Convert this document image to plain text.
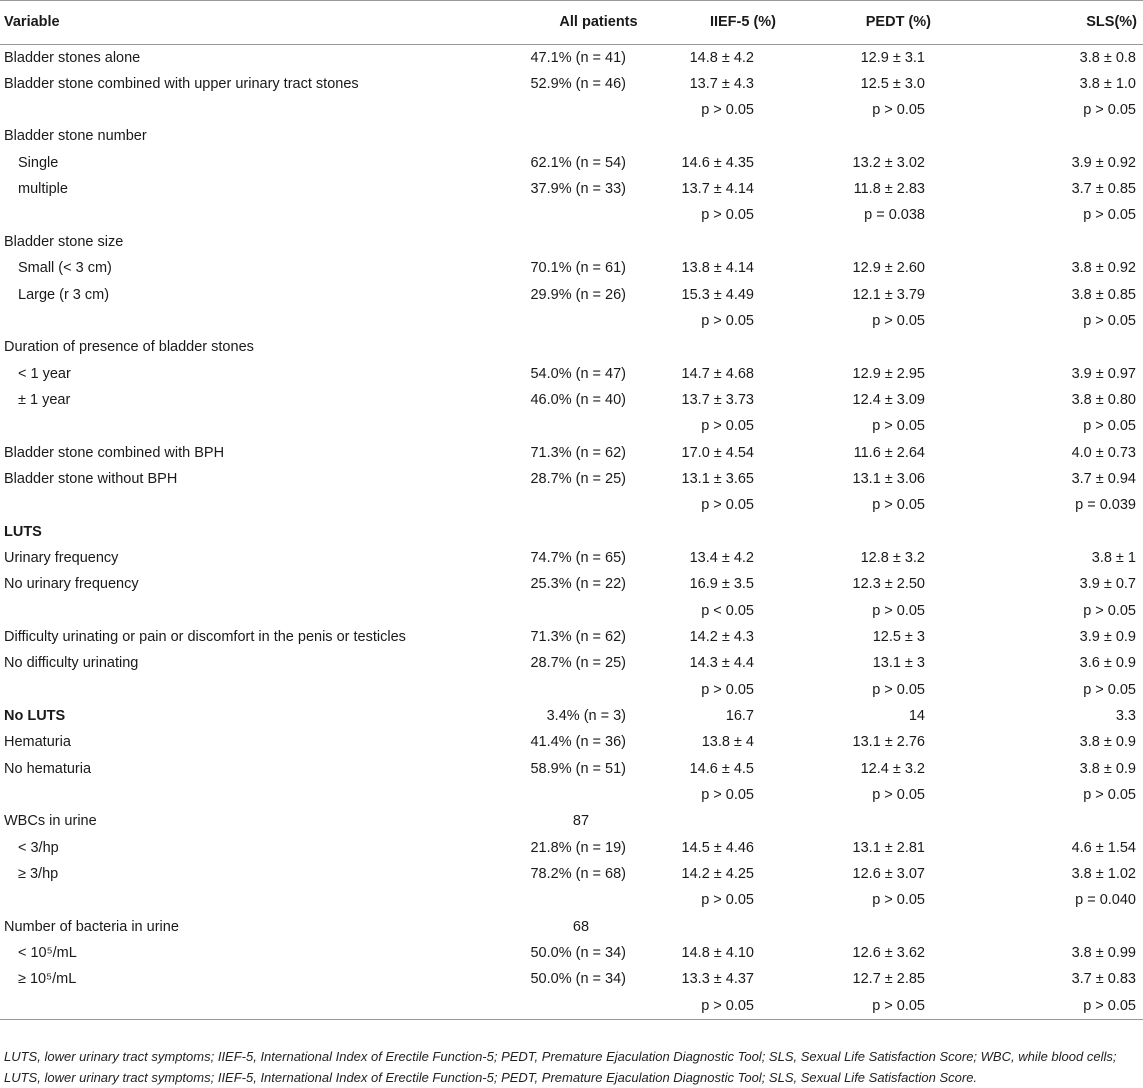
Variable	All patients	IIEF-5 (%)	PEDT (%)	SLS(%)
Bladder stones alone	47.1% (n = 41)	14.8 ± 4.2	12.9 ± 3.1	3.8 ± 0.8
Bladder stone combined with upper urinary tract stones	52.9% (n = 46)	13.7 ± 4.3	12.5 ± 3.0	3.8 ± 1.0
		p > 0.05	p > 0.05	p > 0.05
Bladder stone number				
Single	62.1% (n = 54)	14.6 ± 4.35	13.2 ± 3.02	3.9 ± 0.92
multiple	37.9% (n = 33)	13.7 ± 4.14	11.8 ± 2.83	3.7 ± 0.85
		p > 0.05	p = 0.038	p > 0.05
Bladder stone size				
Small (< 3 cm)	70.1% (n = 61)	13.8 ± 4.14	12.9 ± 2.60	3.8 ± 0.92
Large (r 3 cm)	29.9% (n = 26)	15.3 ± 4.49	12.1 ± 3.79	3.8 ± 0.85
		p > 0.05	p > 0.05	p > 0.05
Duration of presence of bladder stones				
< 1 year	54.0% (n = 47)	14.7 ± 4.68	12.9 ± 2.95	3.9 ± 0.97
± 1 year	46.0% (n = 40)	13.7 ± 3.73	12.4 ± 3.09	3.8 ± 0.80
		p > 0.05	p > 0.05	p > 0.05
Bladder stone combined with BPH	71.3% (n = 62)	17.0 ± 4.54	11.6 ± 2.64	4.0 ± 0.73
Bladder stone without BPH	28.7% (n = 25)	13.1 ± 3.65	13.1 ± 3.06	3.7 ± 0.94
		p > 0.05	p > 0.05	p = 0.039
LUTS				
Urinary frequency	74.7% (n = 65)	13.4 ± 4.2	12.8 ± 3.2	3.8 ± 1
No urinary frequency	25.3% (n = 22)	16.9 ± 3.5	12.3 ± 2.50	3.9 ± 0.7
		p < 0.05	p > 0.05	p > 0.05
Difficulty urinating or pain or discomfort in the penis or testicles	71.3% (n = 62)	14.2 ± 4.3	12.5 ± 3	3.9 ± 0.9
No difficulty urinating	28.7% (n = 25)	14.3 ± 4.4	13.1 ± 3	3.6 ± 0.9
		p > 0.05	p > 0.05	p > 0.05
No LUTS	3.4% (n = 3)	16.7	14	3.3
Hematuria	41.4% (n = 36)	13.8 ± 4	13.1 ± 2.76	3.8 ± 0.9
No hematuria	58.9% (n = 51)	14.6 ± 4.5	12.4 ± 3.2	3.8 ± 0.9
		p > 0.05	p > 0.05	p > 0.05
WBCs in urine	87			
< 3/hp	21.8% (n = 19)	14.5 ± 4.46	13.1 ± 2.81	4.6 ± 1.54
≥ 3/hp	78.2% (n = 68)	14.2 ± 4.25	12.6 ± 3.07	3.8 ± 1.02
		p > 0.05	p > 0.05	p = 0.040
Number of bacteria in urine	68			
< 10⁵/mL	50.0% (n = 34)	14.8 ± 4.10	12.6 ± 3.62	3.8 ± 0.99
≥ 10⁵/mL	50.0% (n = 34)	13.3 ± 4.37	12.7 ± 2.85	3.7 ± 0.83
		p > 0.05	p > 0.05	p > 0.05
LUTS, lower urinary tract symptoms; IIEF-5, International Index of Erectile Function-5; PEDT, Premature Ejaculation Diagnostic Tool; SLS, Sexual Life Satisfaction Score; WBC, while blood cells; LUTS, lower urinary tract symptoms; IIEF-5, International Index of Erectile Function-5; PEDT, Premature Ejaculation Diagnostic Tool; SLS, Sexual Life Satisfaction Score.
